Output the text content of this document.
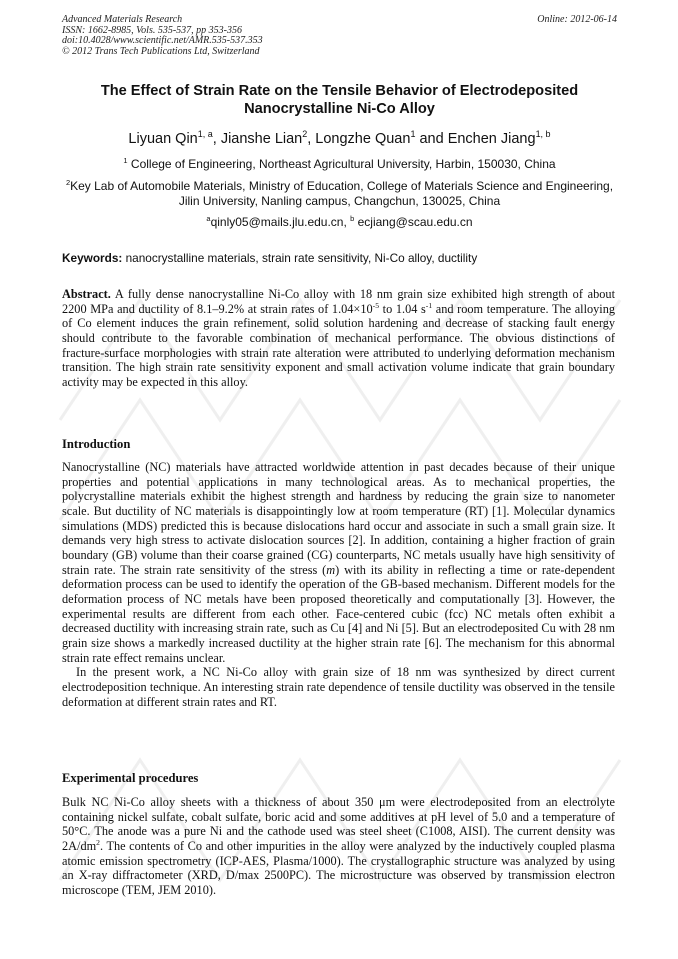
Advanced Materials Research
ISSN: 1662-8985, Vols. 535-537, pp 353-356
doi:10.4028/www.scientific.net/AMR.535-537.353
© 2012 Trans Tech Publications Ltd, Switzerland
Online: 2012-06-14
The Effect of Strain Rate on the Tensile Behavior of Electrodeposited Nanocrystalline Ni-Co Alloy
Liyuan Qin$^{1, a}$, Jianshe Lian$^2$, Longzhe Quan$^1$ and Enchen Jiang$^{1, b}$
$^1$ College of Engineering, Northeast Agricultural University, Harbin, 150030, China
$^2$Key Lab of Automobile Materials, Ministry of Education, College of Materials Science and Engineering, Jilin University, Nanling campus, Changchun, 130025, China
$^a$qinly05@mails.jlu.edu.cn, $^b$ ecjiang@scau.edu.cn
Keywords: nanocrystalline materials, strain rate sensitivity, Ni-Co alloy, ductility
Abstract. A fully dense nanocrystalline Ni-Co alloy with 18 nm grain size exhibited high strength of about 2200 MPa and ductility of 8.1–9.2% at strain rates of $1.04\times 10^{-5}$ to 1.04 $s^{-1}$ and room temperature. The alloying of Co element induces the grain refinement, solid solution hardening and decrease of stacking fault energy should contribute to the favorable combination of mechanical performance. The obvious distinctions of fracture-surface morphologies with strain rate alteration were attributed to underlying deformation mechanism transition. The high strain rate sensitivity exponent and small activation volume indicate that grain boundary activity may be expected in this alloy.
Introduction
Nanocrystalline (NC) materials have attracted worldwide attention in past decades because of their unique properties and potential applications in many technological areas. As to mechanical properties, the polycrystalline materials exhibit the highest strength and hardness by reducing the grain size to nanometer scale. But ductility of NC materials is disappointingly low at room temperature (RT) [1]. Molecular dynamics simulations (MDS) predicted this is because dislocations hard occur and associate in such a small grain size. It demands very high stress to activate dislocation sources [2]. In addition, containing a higher fraction of grain boundary (GB) volume than their coarse grained (CG) counterparts, NC metals usually have high sensitivity of strain rate. The strain rate sensitivity of the stress (m) with its ability in reflecting a time or rate-dependent deformation process can be used to identify the operation of the GB-based mechanism. Different models for the deformation process of NC metals have been proposed theoretically and computationally [3]. However, the experimental results are different from each other. Face-centered cubic (fcc) NC metals often exhibit a decreased ductility with increasing strain rate, such as Cu [4] and Ni [5]. But an electrodeposited Cu with 28 nm grain size shows a markedly increased ductility at the higher strain rate [6]. The mechanism for this abnormal strain rate effect remains unclear.
In the present work, a NC Ni-Co alloy with grain size of 18 nm was synthesized by direct current electrodeposition technique. An interesting strain rate dependence of tensile ductility was observed in the tensile deformation at different strain rates and RT.
Experimental procedures
Bulk NC Ni-Co alloy sheets with a thickness of about 350 μm were electrodeposited from an electrolyte containing nickel sulfate, cobalt sulfate, boric acid and some additives at pH level of 5.0 and a temperature of 50°C. The anode was a pure Ni and the cathode used was steel sheet (C1008, AISI). The current density was $2A/dm^2$. The contents of Co and other impurities in the alloy were analyzed by the inductively coupled plasma atomic emission spectrometry (ICP-AES, Plasma/1000). The crystallographic structure was analyzed by using an X-ray diffractometer (XRD, D/max 2500PC). The microstructure was observed by transmission electron microscope (TEM, JEM 2010).
